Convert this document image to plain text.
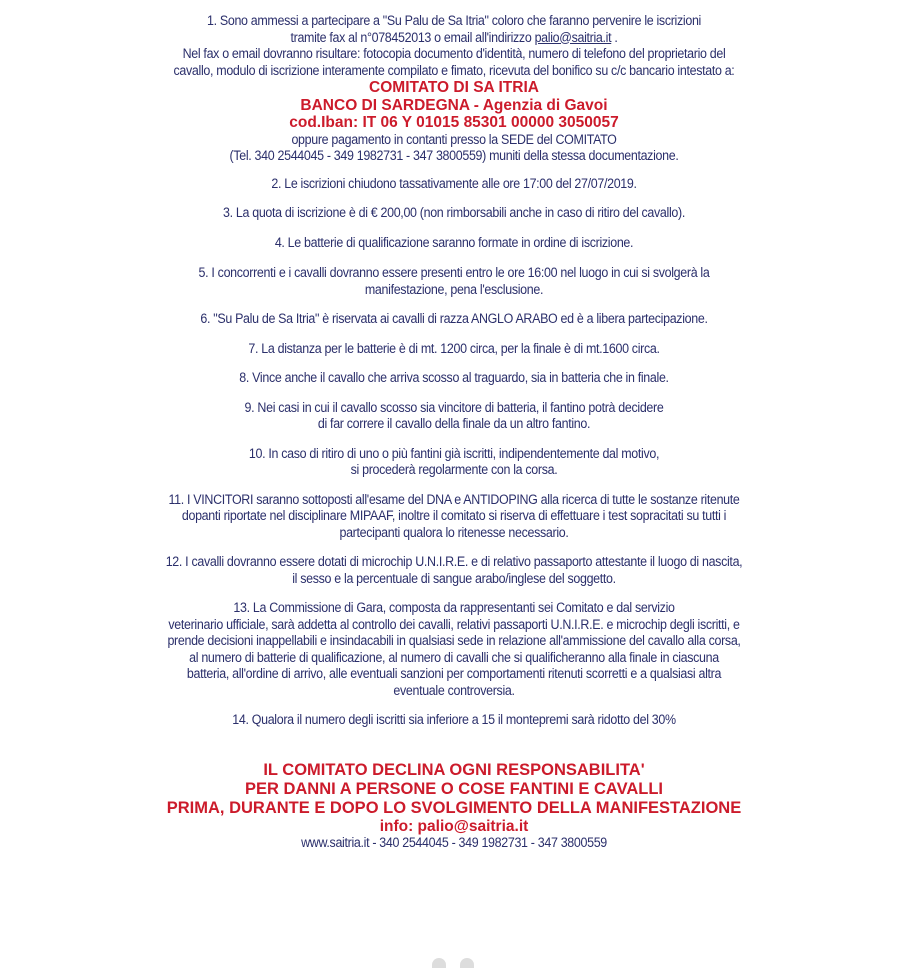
1. Sono ammessi a partecipare a "Su Palu de Sa Itria" coloro che faranno pervenire le iscrizioni
tramite fax al n°078452013 o email all'indirizzo palio@saitria.it .
Nel fax o email dovranno risultare: fotocopia documento d'identità, numero di telefono del proprietario del
cavallo, modulo di iscrizione interamente compilato e fimato, ricevuta del bonifico su c/c bancario intestato a:
COMITATO DI SA ITRIA
BANCO DI SARDEGNA - Agenzia di Gavoi
cod.Iban: IT 06 Y 01015 85301 00000 3050057
oppure pagamento in contanti presso la SEDE del COMITATO
(Tel. 340 2544045 - 349 1982731 - 347 3800559) muniti della stessa documentazione.
2. Le iscrizioni chiudono tassativamente alle ore 17:00 del 27/07/2019.
3. La quota di iscrizione è di € 200,00 (non rimborsabili anche in caso di ritiro del cavallo).
4. Le batterie di qualificazione saranno formate in ordine di iscrizione.
5. I concorrenti e i cavalli dovranno essere presenti entro le ore 16:00 nel luogo in cui si svolgerà la
manifestazione, pena l'esclusione.
6. "Su Palu de Sa Itria" è riservata ai cavalli di razza ANGLO ARABO ed è a libera partecipazione.
7. La distanza per le batterie è di mt. 1200 circa, per la finale è di mt.1600 circa.
8. Vince anche il cavallo che arriva scosso al traguardo, sia in batteria che in finale.
9. Nei casi in cui il cavallo scosso sia vincitore di batteria, il fantino potrà decidere
di far correre il cavallo della finale da un altro fantino.
10. In caso di ritiro di uno o più fantini già iscritti, indipendentemente dal motivo,
si procederà regolarmente con la corsa.
11. I VINCITORI saranno sottoposti all'esame del DNA e ANTIDOPING alla ricerca di tutte le sostanze ritenute
dopanti riportate nel disciplinare MIPAAF, inoltre il comitato si riserva di effettuare i test sopracitati su tutti i
partecipanti qualora lo ritenesse necessario.
12. I cavalli dovranno essere dotati di microchip U.N.I.R.E. e di relativo passaporto attestante il luogo di nascita,
il sesso e la percentuale di sangue arabo/inglese del soggetto.
13. La Commissione di Gara, composta da rappresentanti sei Comitato e dal servizio
veterinario ufficiale, sarà addetta al controllo dei cavalli, relativi passaporti U.N.I.R.E. e microchip degli iscritti, e
prende decisioni inappellabili e insindacabili in qualsiasi sede in relazione all'ammissione del cavallo alla corsa,
al numero di batterie di qualificazione, al numero di cavalli che si qualificheranno alla finale in ciascuna
batteria, all'ordine di arrivo, alle eventuali sanzioni per comportamenti ritenuti scorretti e a qualsiasi altra
eventuale controversia.
14. Qualora il numero degli iscritti sia inferiore a 15 il montepremi sarà ridotto del 30%
IL COMITATO DECLINA OGNI RESPONSABILITA'
PER DANNI A PERSONE O COSE FANTINI E CAVALLI
PRIMA, DURANTE E DOPO LO SVOLGIMENTO DELLA MANIFESTAZIONE
info: palio@saitria.it
www.saitria.it - 340 2544045 - 349 1982731 - 347 3800559
